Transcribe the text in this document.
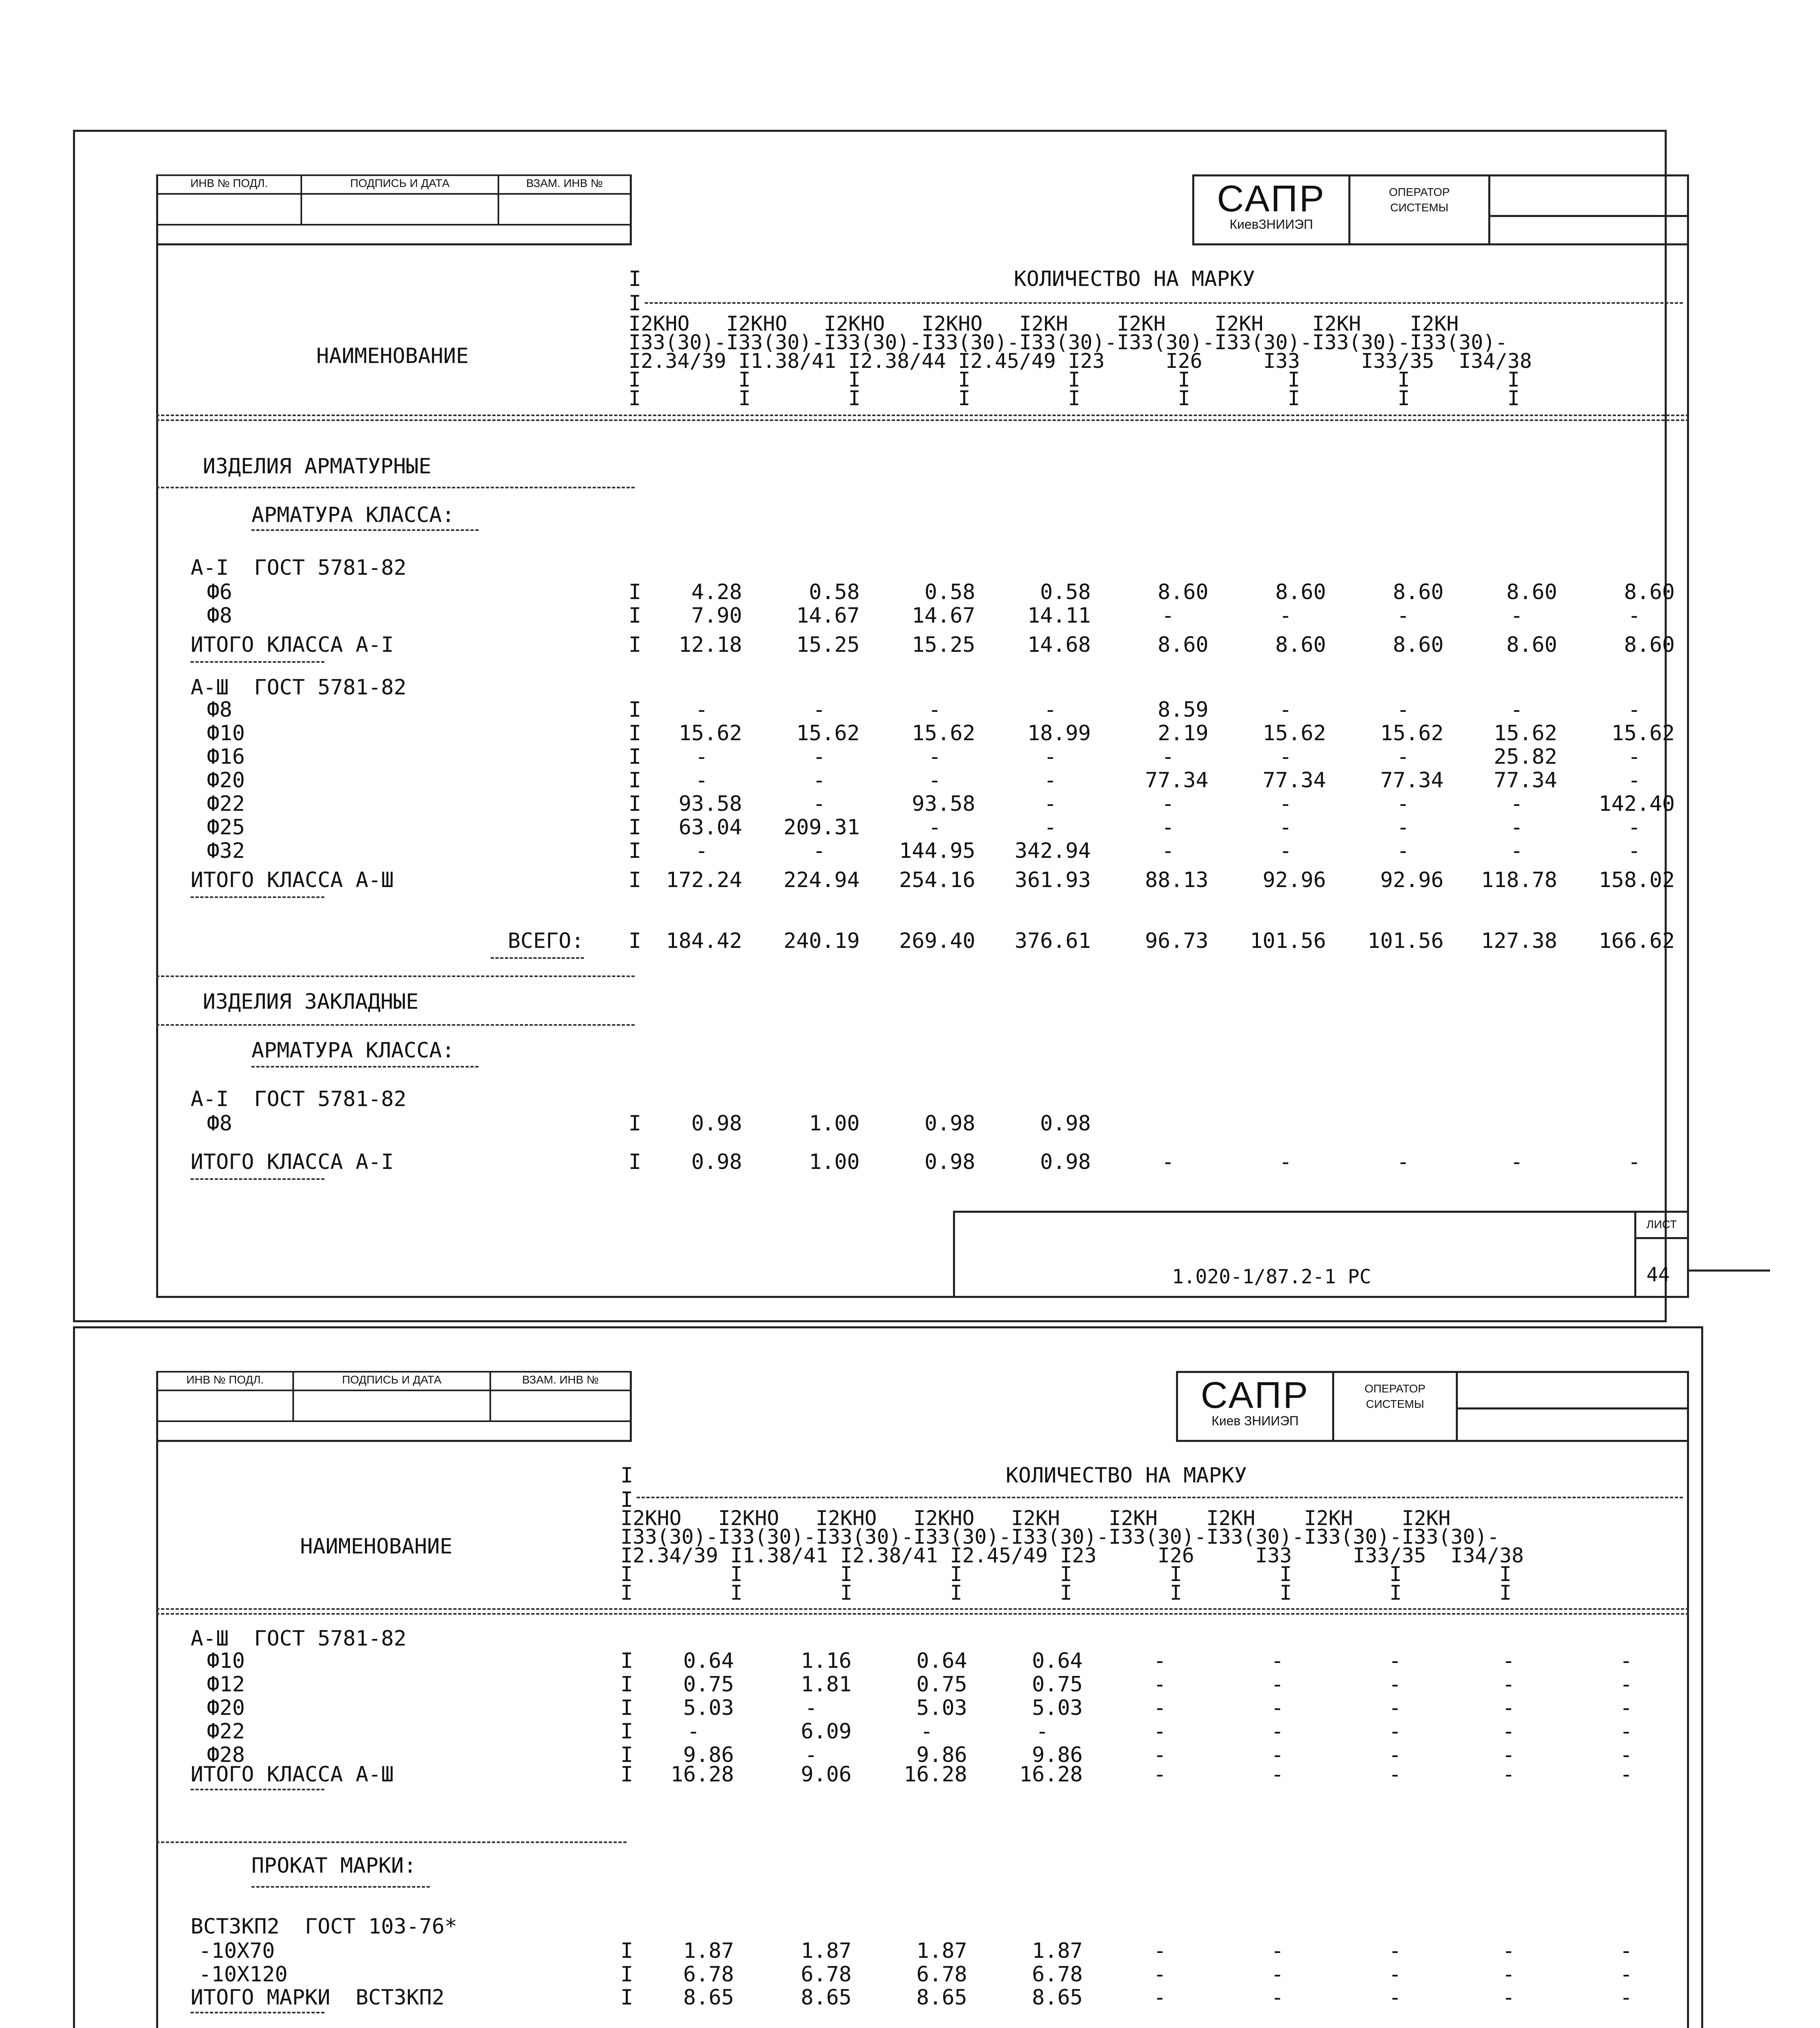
ИНВ № ПОДЛ.	ПОДПИСЬ И ДАТА	ВЗАМ. ИНВ №	САПР
КиевЗНИИЭП
ОПЕРАТОР
СИСТЕМЫ
I	КОЛИЧЕСТВО НА МАРКУ
I
НАИМЕНОВАНИЕ
I2КНО   I2КНО   I2КНО   I2КНО   I2КН    I2КН    I2КН    I2КН    I2КН
I33(30)-I33(30)-I33(30)-I33(30)-I33(30)-I33(30)-I33(30)-I33(30)-I33(30)-
I2.34/39 I1.38/41 I2.38/44 I2.45/49 I23     I26     I33     I33/35  I34/38
I        I        I        I        I        I        I        I        I
I        I        I        I        I        I        I        I        I
ИЗДЕЛИЯ АРМАТУРНЫЕ
АРМАТУРА КЛАССА:
А-I  ГОСТ 5781-82
Ф6	I	4.28	0.58	0.58	0.58	8.60	8.60	8.60	8.60	8.60
Ф8	I	7.90	14.67	14.67	14.11	-	-	-	-	-
ИТОГО КЛАССА А-I	I	12.18	15.25	15.25	14.68	8.60	8.60	8.60	8.60	8.60
А-Ш  ГОСТ 5781-82
Ф8	I	-	-	-	-	8.59	-	-	-	-
Ф10	I	15.62	15.62	15.62	18.99	2.19	15.62	15.62	15.62	15.62
Ф16	I	-	-	-	-	-	-	-	25.82	-
Ф20	I	-	-	-	-	77.34	77.34	77.34	77.34	-
Ф22	I	93.58	-	93.58	-	-	-	-	-	142.40
Ф25	I	63.04 209.31	-	-	-	-	-	-	-
Ф32	I	-	-	144.95 342.94	-	-	-	-	-
ИТОГО КЛАССА А-Ш	I 172.24 224.94 254.16 361.93	88.13	92.96	92.96 118.78 158.02
ВСЕГО: I 184.42 240.19 269.40 376.61	96.73 101.56 101.56 127.38 166.62
ИЗДЕЛИЯ ЗАКЛАДНЫЕ
АРМАТУРА КЛАССА:
А-I  ГОСТ 5781-82
Ф8	I	0.98	1.00	0.98	0.98
ИТОГО КЛАССА А-I	I	0.98	1.00	0.98	0.98	-	-	-	-	-
1.020-1/87.2-1 РС
ЛИСТ
44
ИНВ № ПОДЛ.	ПОДПИСЬ И ДАТА	ВЗАМ. ИНВ №	САПР
Киев ЗНИИЭП
ОПЕРАТОР
СИСТЕМЫ
I	КОЛИЧЕСТВО НА МАРКУ
I
НАИМЕНОВАНИЕ
I2КНО   I2КНО   I2КНО   I2КНО   I2КН    I2КН    I2КН    I2КН    I2КН
I33(30)-I33(30)-I33(30)-I33(30)-I33(30)-I33(30)-I33(30)-I33(30)-I33(30)-
I2.34/39 I1.38/41 I2.38/41 I2.45/49 I23     I26     I33     I33/35  I34/38
I        I        I        I        I        I        I        I        I
I        I        I        I        I        I        I        I        I
А-Ш  ГОСТ 5781-82
Ф10	I	0.64	1.16	0.64	0.64	-	-	-	-	-
Ф12	I	0.75	1.81	0.75	0.75	-	-	-	-	-
Ф20	I	5.03	-	5.03	5.03	-	-	-	-	-
Ф22	I	-	6.09	-	-	-	-	-	-	-
Ф28	I	9.86	-	9.86	9.86	-	-	-	-	-
ИТОГО КЛАССА А-Ш	I	16.28	9.06	16.28	16.28	-	-	-	-	-
ПРОКАТ МАРКИ:
ВСТ3КП2  ГОСТ 103-76*
-10Х70	I	1.87	1.87	1.87	1.87	-	-	-	-	-
-10Х120	I	6.78	6.78	6.78	6.78	-	-	-	-	-
ИТОГО МАРКИ  ВСТ3КП2	I	8.65	8.65	8.65	8.65	-	-	-	-	-
